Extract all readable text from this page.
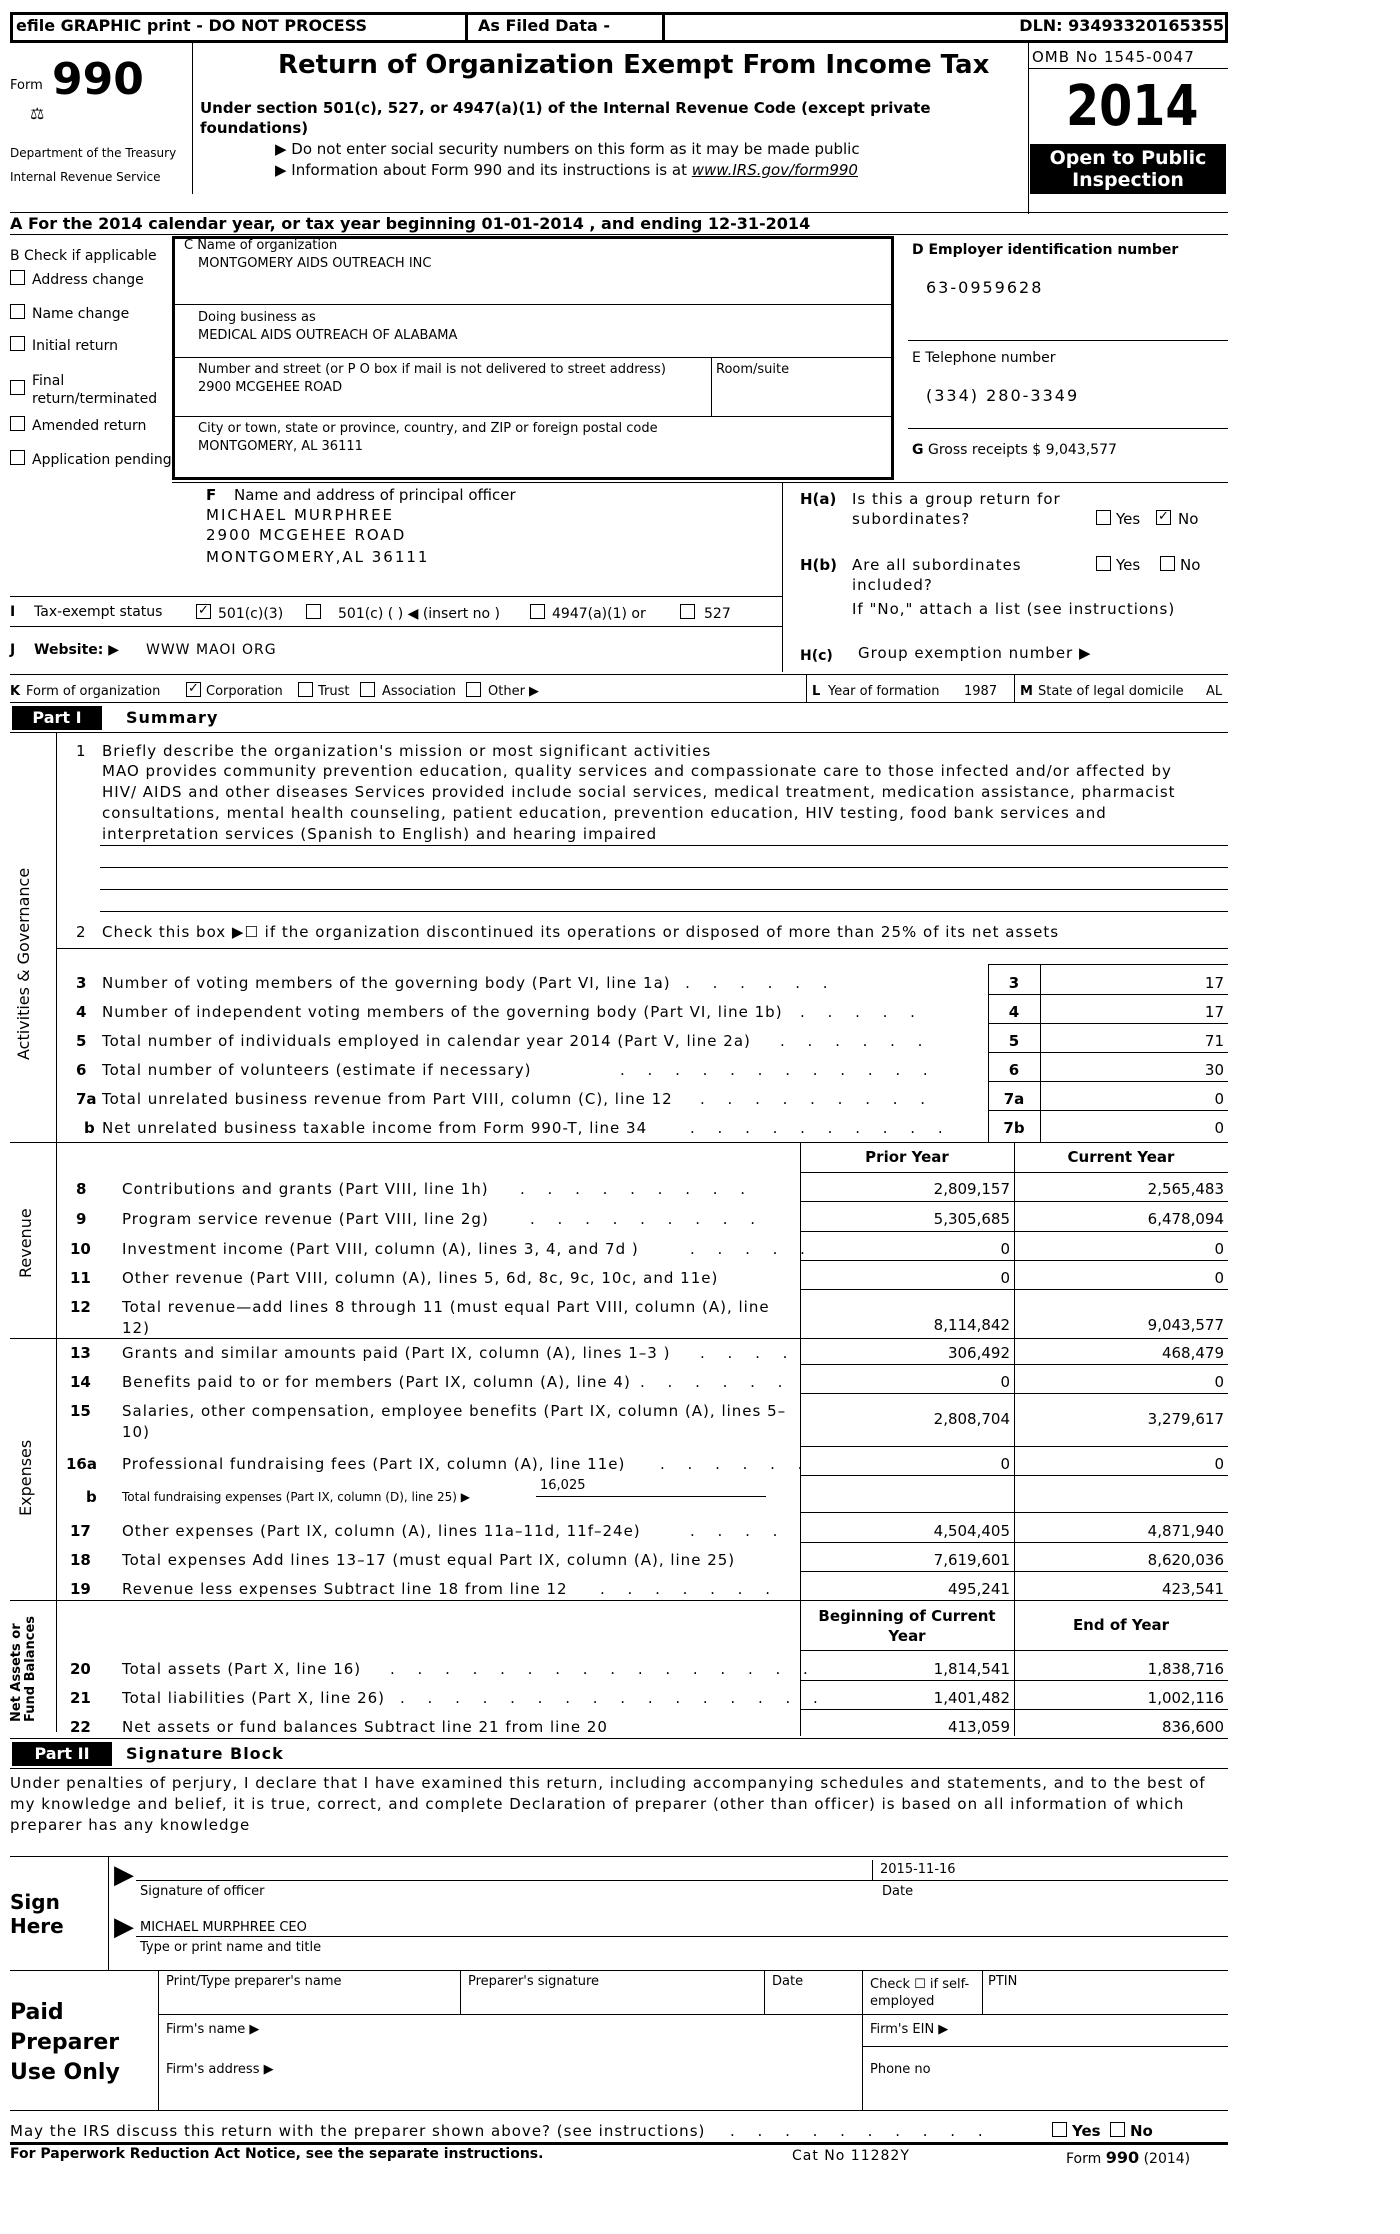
efile GRAPHIC print - DO NOT PROCESS	As Filed Data -	DLN: 93493320165355
Form 990
⚖
Department of the Treasury
Internal Revenue Service
Return of Organization Exempt From Income Tax
Under section 501(c), 527, or 4947(a)(1) of the Internal Revenue Code (except private foundations)
▶ Do not enter social security numbers on this form as it may be made public
▶ Information about Form 990 and its instructions is at www.IRS.gov/form990
OMB No 1545-0047
2014
Open to Public Inspection
A For the 2014 calendar year, or tax year beginning 01-01-2014 , and ending 12-31-2014
B Check if applicable
Address change
Name change
Initial return
Final return/terminated
Amended return
Application pending
C Name of organization
MONTGOMERY AIDS OUTREACH INC
Doing business as
MEDICAL AIDS OUTREACH OF ALABAMA
Number and street (or P O box if mail is not delivered to street address)	Room/suite
2900 MCGEHEE ROAD
City or town, state or province, country, and ZIP or foreign postal code
MONTGOMERY, AL 36111
D Employer identification number
63-0959628
E Telephone number
(334) 280-3349
G Gross receipts $ 9,043,577
F Name and address of principal officer
MICHAEL MURPHREE
2900 MCGEHEE ROAD
MONTGOMERY,AL 36111
H(a) Is this a group return for
subordinates?	Yes ✓ No
H(b) Are all subordinates
included?
Yes	No
If "No," attach a list (see instructions)
I Tax-exempt status	✓ 501(c)(3)	501(c) ( ) ◀ (insert no )	4947(a)(1) or	527
J Website: ▶ WWW MAOI ORG	H(c) Group exemption number ▶
K Form of organization ✓ Corporation	Trust	Association Other ▶	L Year of formation 1987 M State of legal domicile AL
Part I	Summary
Activities & Governance
1 Briefly describe the organization's mission or most significant activities
MAO provides community prevention education, quality services and compassionate care to those infected and/or affected by
HIV/ AIDS and other diseases Services provided include social services, medical treatment, medication assistance, pharmacist
consultations, mental health counseling, patient education, prevention education, HIV testing, food bank services and
interpretation services (Spanish to English) and hearing impaired
2 Check this box ▶☐ if the organization discontinued its operations or disposed of more than 25% of its net assets
3 Number of voting members of the governing body (Part VI, line 1a)
. . . . . . . .	3	17
4 Number of independent voting members of the governing body (Part VI, line 1b) . . . . .	4	17
5 Total number of individuals employed in calendar year 2014 (Part V, line 2a) . . . . . .	5	71
6 Total number of volunteers (estimate if necessary)	. . . . . . . . . . . .	6	30
7a Total unrelated business revenue from Part VIII, column (C), line 12 . . . . . . . . .	7a	0
b Net unrelated business taxable income from Form 990-T, line 34	. . . . . . . . . .	7b	0
Revenue
Prior Year	Current Year
8 Contributions and grants (Part VIII, line 1h) . . . . . . . . .	2,809,157	2,565,483
9 Program service revenue (Part VIII, line 2g)	. . . . . . . . .	5,305,685	6,478,094
10 Investment income (Part VIII, column (A), lines 3, 4, and 7d )	. . . . .	0	0
11 Other revenue (Part VIII, column (A), lines 5, 6d, 8c, 9c, 10c, and 11e)	0	0
12 Total revenue—add lines 8 through 11 (must equal Part VIII, column (A), line 12)	8,114,842	9,043,577
Expenses
13 Grants and similar amounts paid (Part IX, column (A), lines 1–3 ) . . . .	306,492	468,479
14 Benefits paid to or for members (Part IX, column (A), line 4) . . . . . .	0	0
15 Salaries, other compensation, employee benefits (Part IX, column (A), lines 5–10)
2,808,704	3,279,617
16a Professional fundraising fees (Part IX, column (A), line 11e) . . . . . .	0	0
b Total fundraising expenses (Part IX, column (D), line 25) ▶
16,025
17 Other expenses (Part IX, column (A), lines 11a–11d, 11f–24e)	. . . .	4,504,405	4,871,940
18 Total expenses Add lines 13–17 (must equal Part IX, column (A), line 25)	7,619,601	8,620,036
19 Revenue less expenses Subtract line 18 from line 12 . . . . . . .	495,241	423,541
Net Assets or Fund Balances	Beginning of Current Year
End of Year
20 Total assets (Part X, line 16) . . . . . . . . . . . . . . . .	1,814,541	1,838,716
21 Total liabilities (Part X, line 26) . . . . . . . . . . . . . . . .	1,401,482	1,002,116
22 Net assets or fund balances Subtract line 21 from line 20	413,059	836,600
Part II	Signature Block
Under penalties of perjury, I declare that I have examined this return, including accompanying schedules and statements, and to the best of
my knowledge and belief, it is true, correct, and complete Declaration of preparer (other than officer) is based on all information of which
preparer has any knowledge
Sign Here
▶	2015-11-16
Signature of officer	Date
▶ MICHAEL MURPHREE CEO
Type or print name and title
Paid Preparer Use Only
Print/Type preparer's name	Preparer's signature	Date	Check ☐ if self-employed
PTIN
Firm's name ▶	Firm's EIN ▶
Firm's address ▶	Phone no
May the IRS discuss this return with the preparer shown above? (see instructions) . . . . . . . . . .	Yes No
For Paperwork Reduction Act Notice, see the separate instructions.	Cat No 11282Y	Form 990 (2014)
